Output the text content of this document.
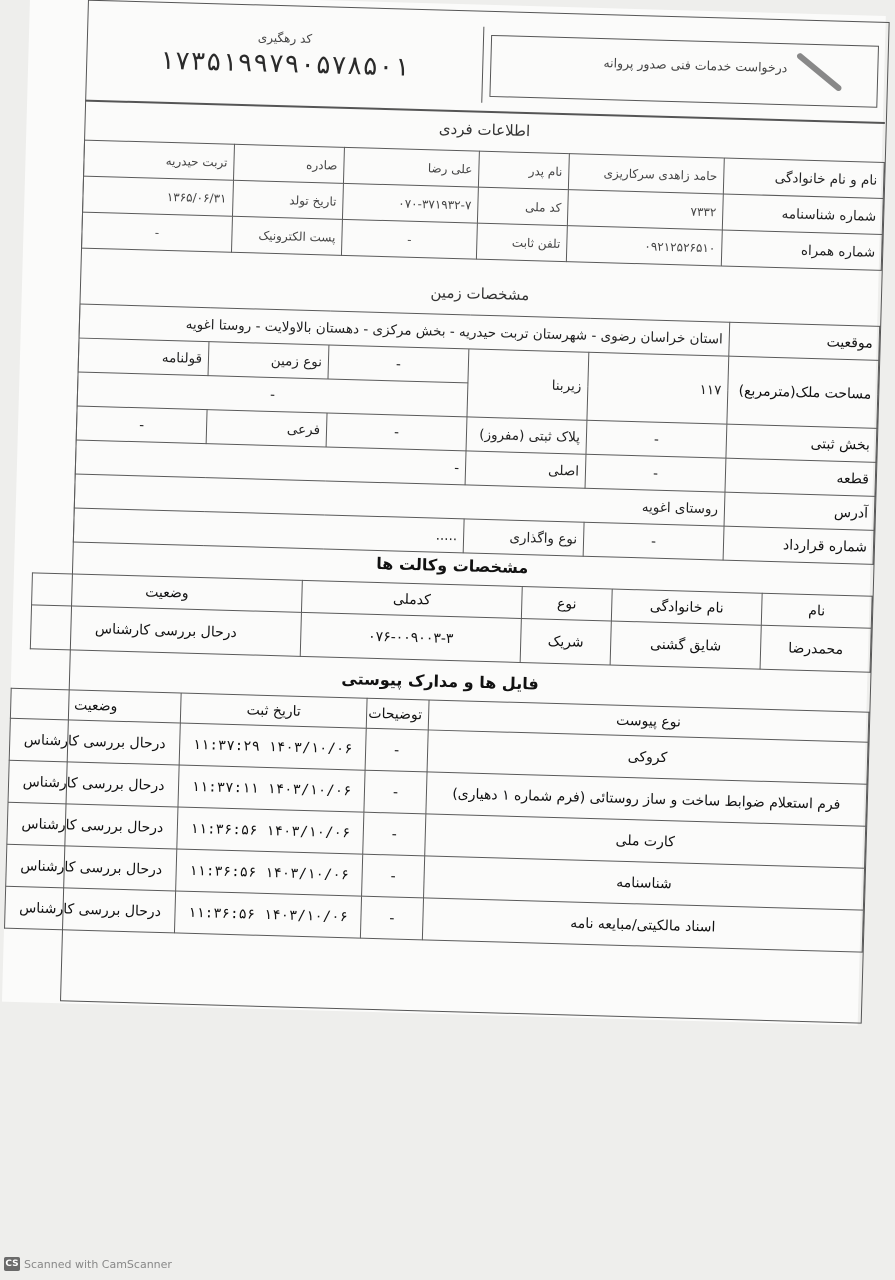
کد رهگیری
۱۷۳۵۱۹۹۷۹۰۵۷۸۵۰۱	درخواست خدمات فنی صدور پروانه
اطلاعات فردی
نام و نام خانوادگی	حامد زاهدی سرکاریزی	نام پدر	علی رضا	صادره	تربت حیدریه
شماره شناسنامه	۷۳۳۲	کد ملی	۰۷۰-۳۷۱۹۳۲-۷	تاریخ تولد	۱۳۶۵/۰۶/۳۱
شماره همراه	۰۹۲۱۲۵۲۶۵۱۰	تلفن ثابت	-	پست الکترونیک	-
مشخصات زمین
موقعیت	استان خراسان رضوی - شهرستان تربت حیدریه - بخش مرکزی - دهستان بالاولایت - روستا اغویه				
مساحت ملک(مترمربع)	۱۱۷	زیربنا	-	نوع زمین	قولنامه
			-		
بخش ثبتی	-	پلاک ثبتی (مفروز)	-	فرعی	-
قطعه	-	اصلی	-		
آدرس	روستای اغویه				
شماره قرارداد	-	نوع واگذاری	.....		
مشخصات وکالت ها
نام	نام خانوادگی	نوع	کدملی	وضعیت
محمدرضا	شایق گشنی	شریک	۰۷۶-۰۰۹۰۰۳-۳	درحال بررسی کارشناس
فایل ها و مدارک پیوستی
نوع پیوست	توضیحات	تاریخ ثبت	وضعیت
کروکی	-	۱۴۰۳/۱۰/۰۶ ۱۱:۳۷:۲۹	درحال بررسی کارشناس
فرم استعلام ضوابط ساخت و ساز روستائی (فرم شماره ۱ دهیاری)	-	۱۴۰۳/۱۰/۰۶ ۱۱:۳۷:۱۱	درحال بررسی کارشناس
کارت ملی	-	۱۴۰۳/۱۰/۰۶ ۱۱:۳۶:۵۶	درحال بررسی کارشناس
شناسنامه	-	۱۴۰۳/۱۰/۰۶ ۱۱:۳۶:۵۶	درحال بررسی کارشناس
اسناد مالکیتی/مبایعه نامه	-	۱۴۰۳/۱۰/۰۶ ۱۱:۳۶:۵۶	درحال بررسی کارشناس
CS Scanned with CamScanner
